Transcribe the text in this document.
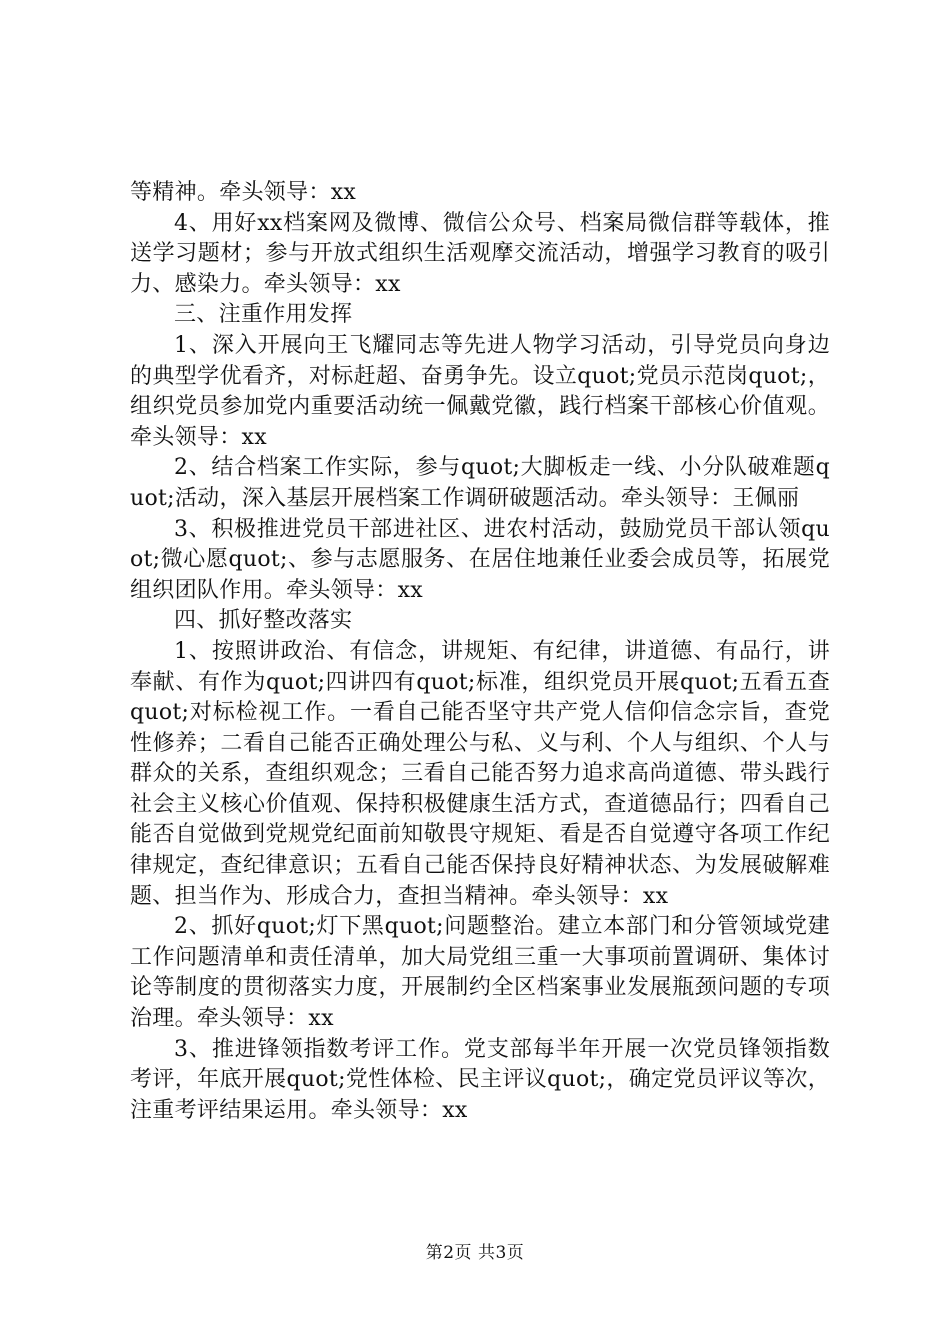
等精神。牵头领导：xx

4、用好xx档案网及微博、微信公众号、档案局微信群等载体，推送学习题材；参与开放式组织生活观摩交流活动，增强学习教育的吸引力、感染力。牵头领导：xx

三、注重作用发挥

1、深入开展向王飞耀同志等先进人物学习活动，引导党员向身边的典型学优看齐，对标赶超、奋勇争先。设立quot;党员示范岗quot;，组织党员参加党内重要活动统一佩戴党徽，践行档案干部核心价值观。牵头领导：xx

2、结合档案工作实际，参与quot;大脚板走一线、小分队破难题quot;活动，深入基层开展档案工作调研破题活动。牵头领导：王佩丽

3、积极推进党员干部进社区、进农村活动，鼓励党员干部认领quot;微心愿quot;、参与志愿服务、在居住地兼任业委会成员等，拓展党组织团队作用。牵头领导：xx

四、抓好整改落实

1、按照讲政治、有信念，讲规矩、有纪律，讲道德、有品行，讲奉献、有作为quot;四讲四有quot;标准，组织党员开展quot;五看五查quot;对标检视工作。一看自己能否坚守共产党人信仰信念宗旨，查党性修养；二看自己能否正确处理公与私、义与利、个人与组织、个人与群众的关系，查组织观念；三看自己能否努力追求高尚道德、带头践行社会主义核心价值观、保持积极健康生活方式，查道德品行；四看自己能否自觉做到党规党纪面前知敬畏守规矩、看是否自觉遵守各项工作纪律规定，查纪律意识；五看自己能否保持良好精神状态、为发展破解难题、担当作为、形成合力，查担当精神。牵头领导：xx

2、抓好quot;灯下黑quot;问题整治。建立本部门和分管领域党建工作问题清单和责任清单，加大局党组三重一大事项前置调研、集体讨论等制度的贯彻落实力度，开展制约全区档案事业发展瓶颈问题的专项治理。牵头领导：xx

3、推进锋领指数考评工作。党支部每半年开展一次党员锋领指数考评，年底开展quot;党性体检、民主评议quot;，确定党员评议等次，注重考评结果运用。牵头领导：xx

第2页 共3页
